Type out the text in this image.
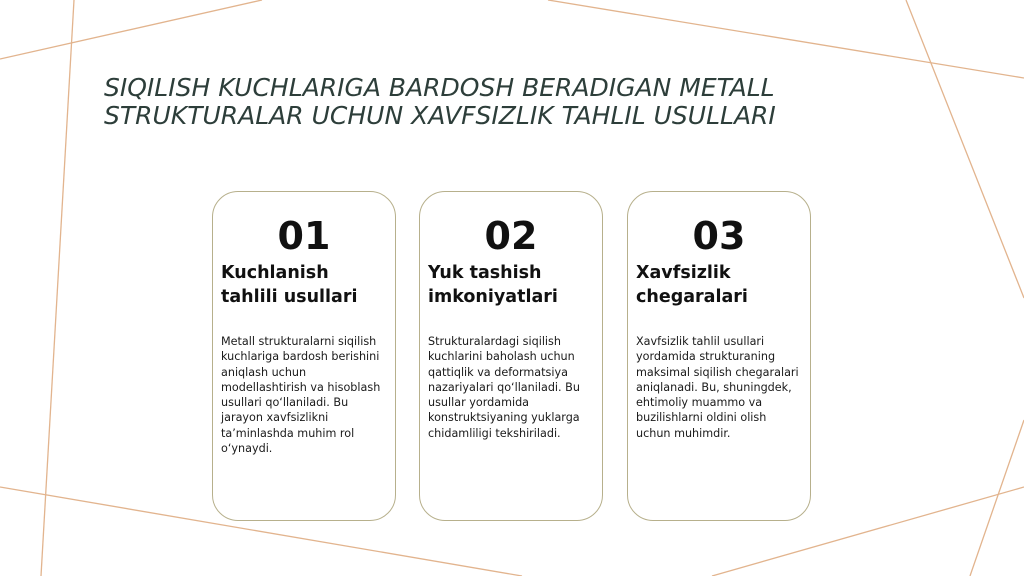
SIQILISH KUCHLARIGA BARDOSH BERADIGAN METALL
STRUKTURALAR UCHUN XAVFSIZLIK TAHLIL USULLARI
01
Kuchlanish
tahlili usullari
Metall strukturalarni siqilish kuchlariga bardosh berishini aniqlash uchun modellashtirish va hisoblash usullari qo‘llaniladi. Bu jarayon xavfsizlikni ta’minlashda muhim rol o‘ynaydi.
02
Yuk tashish
imkoniyatlari
Strukturalardagi siqilish kuchlarini baholash uchun qattiqlik va deformatsiya nazariyalari qo‘llaniladi. Bu usullar yordamida konstruktsiyaning yuklarga chidamliligi tekshiriladi.
03
Xavfsizlik
chegaralari
Xavfsizlik tahlil usullari yordamida strukturaning maksimal siqilish chegaralari aniqlanadi. Bu, shuningdek, ehtimoliy muammo va buzilishlarni oldini olish uchun muhimdir.
